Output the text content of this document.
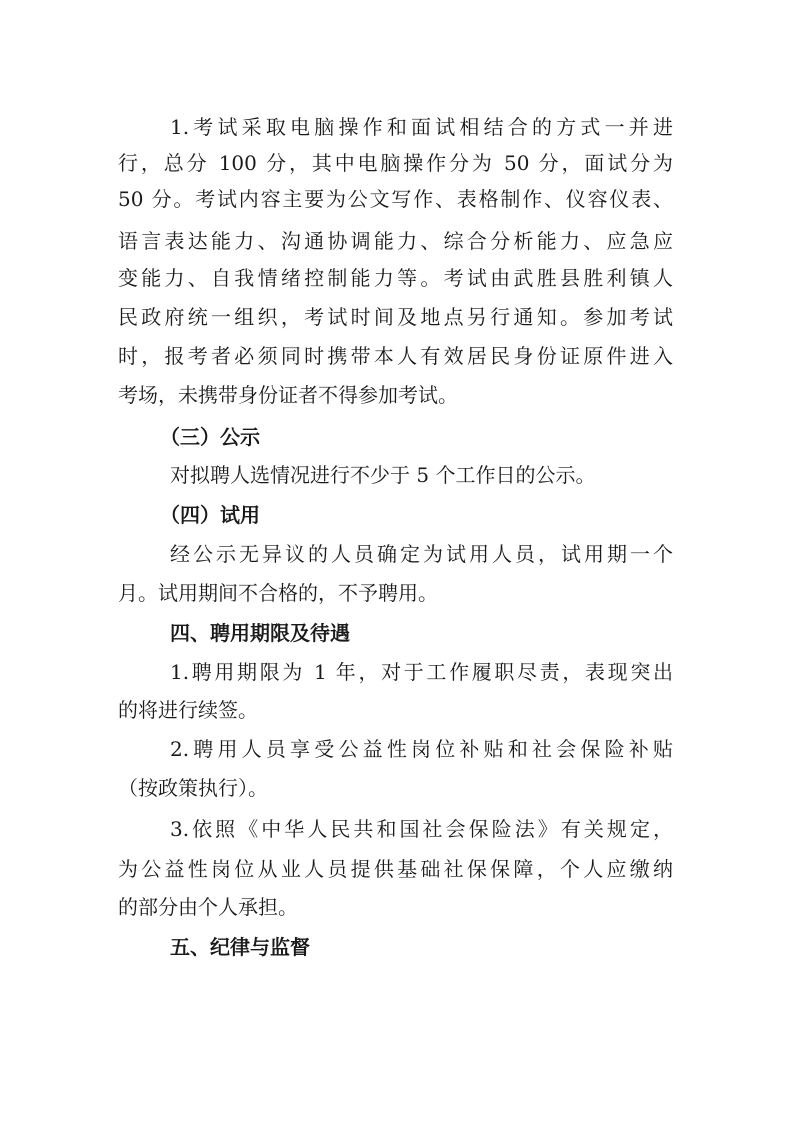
1.考试采取电脑操作和面试相结合的方式一并进
行，总分 100 分，其中电脑操作分为 50 分，面试分为
50 分。考试内容主要为公文写作、表格制作、仪容仪表、
语言表达能力、沟通协调能力、综合分析能力、应急应
变能力、自我情绪控制能力等。考试由武胜县胜利镇人
民政府统一组织，考试时间及地点另行通知。参加考试
时，报考者必须同时携带本人有效居民身份证原件进入
考场，未携带身份证者不得参加考试。
（三）公示
对拟聘人选情况进行不少于 5 个工作日的公示。
（四）试用
经公示无异议的人员确定为试用人员，试用期一个
月。试用期间不合格的，不予聘用。
四、聘用期限及待遇
1.聘用期限为 1 年，对于工作履职尽责，表现突出
的将进行续签。
2.聘用人员享受公益性岗位补贴和社会保险补贴
（按政策执行）。
3.依照《中华人民共和国社会保险法》有关规定，
为公益性岗位从业人员提供基础社保保障，个人应缴纳
的部分由个人承担。
五、纪律与监督
